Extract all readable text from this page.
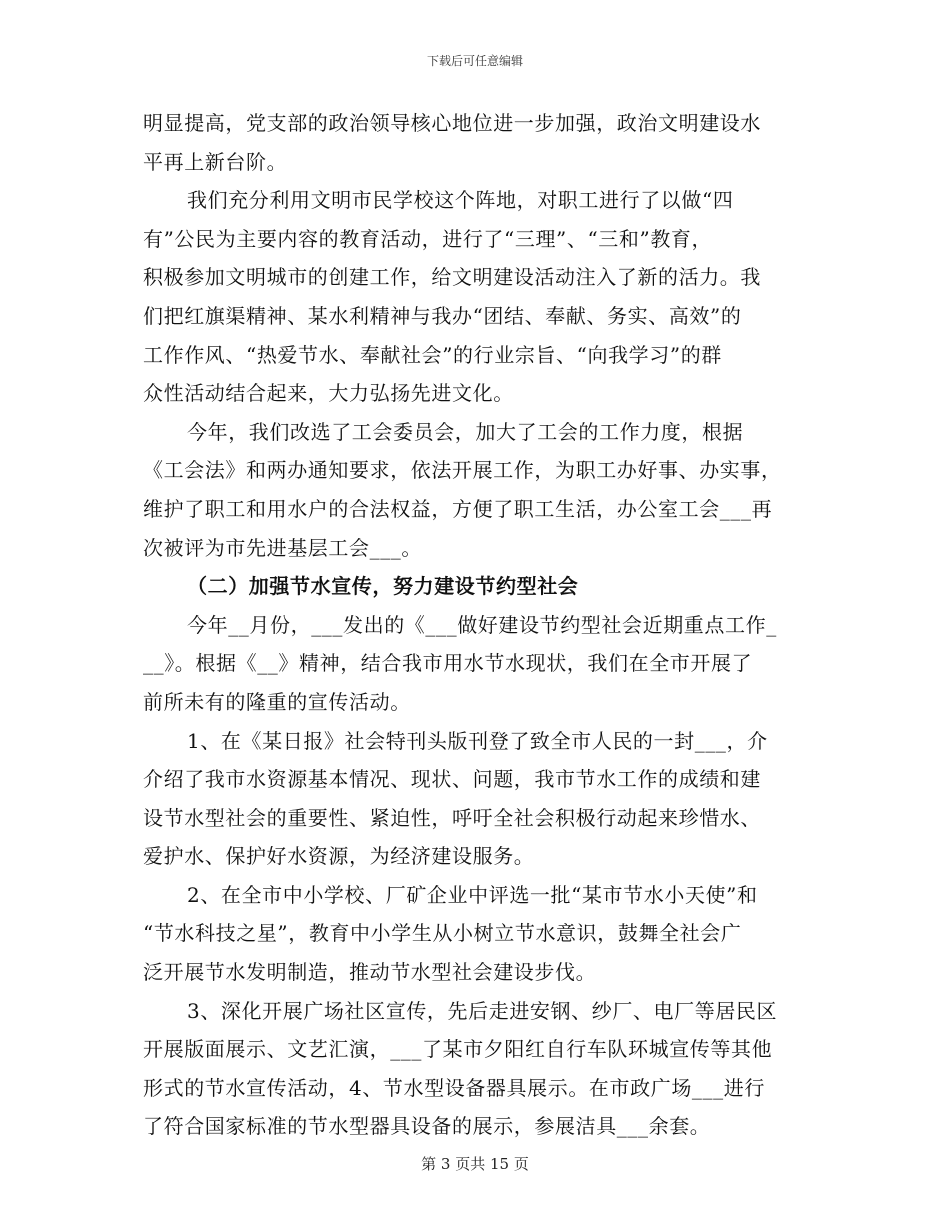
下载后可任意编辑
明显提高，党支部的政治领导核心地位进一步加强，政治文明建设水
平再上新台阶。
我们充分利用文明市民学校这个阵地，对职工进行了以做“四
有”公民为主要内容的教育活动，进行了“三理”、“三和”教育，
积极参加文明城市的创建工作，给文明建设活动注入了新的活力。我
们把红旗渠精神、某水利精神与我办“团结、奉献、务实、高效”的
工作作风、“热爱节水、奉献社会”的行业宗旨、“向我学习”的群
众性活动结合起来，大力弘扬先进文化。
今年，我们改选了工会委员会，加大了工会的工作力度，根据
《工会法》和两办通知要求，依法开展工作，为职工办好事、办实事，
维护了职工和用水户的合法权益，方便了职工生活，办公室工会___再
次被评为市先进基层工会___。
（二）加强节水宣传，努力建设节约型社会
今年__月份，___发出的《___做好建设节约型社会近期重点工作_
__》。根据《__》精神，结合我市用水节水现状，我们在全市开展了
前所未有的隆重的宣传活动。
1、在《某日报》社会特刊头版刊登了致全市人民的一封___，介
介绍了我市水资源基本情况、现状、问题，我市节水工作的成绩和建
设节水型社会的重要性、紧迫性，呼吁全社会积极行动起来珍惜水、
爱护水、保护好水资源，为经济建设服务。
2、在全市中小学校、厂矿企业中评选一批“某市节水小天使”和
“节水科技之星”，教育中小学生从小树立节水意识，鼓舞全社会广
泛开展节水发明制造，推动节水型社会建设步伐。
3、深化开展广场社区宣传，先后走进安钢、纱厂、电厂等居民区
开展版面展示、文艺汇演，___了某市夕阳红自行车队环城宣传等其他
形式的节水宣传活动，4、节水型设备器具展示。在市政广场___进行
了符合国家标准的节水型器具设备的展示，参展洁具___余套。
第 3 页共 15 页
